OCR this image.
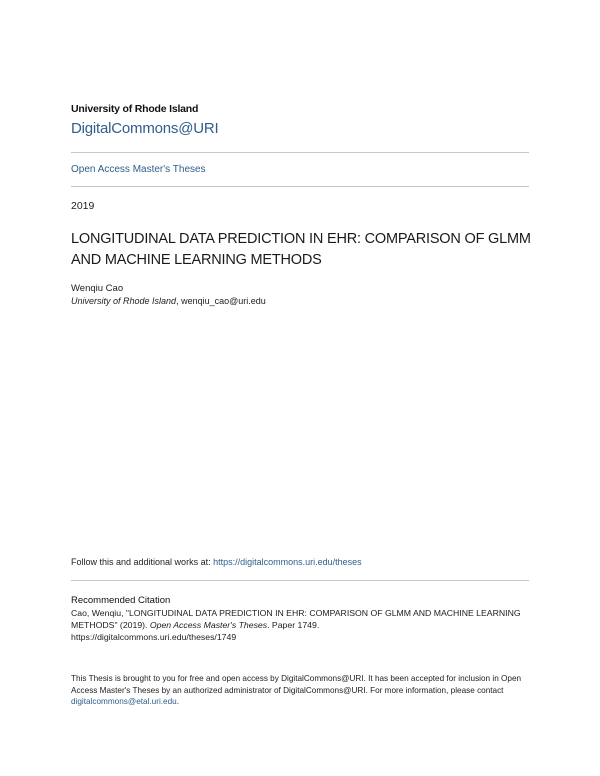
University of Rhode Island
DigitalCommons@URI
Open Access Master's Theses
2019
LONGITUDINAL DATA PREDICTION IN EHR: COMPARISON OF GLMM AND MACHINE LEARNING METHODS
Wenqiu Cao
University of Rhode Island, wenqiu_cao@uri.edu
Follow this and additional works at: https://digitalcommons.uri.edu/theses
Recommended Citation
Cao, Wenqiu, "LONGITUDINAL DATA PREDICTION IN EHR: COMPARISON OF GLMM AND MACHINE LEARNING METHODS" (2019). Open Access Master's Theses. Paper 1749.
https://digitalcommons.uri.edu/theses/1749
This Thesis is brought to you for free and open access by DigitalCommons@URI. It has been accepted for inclusion in Open Access Master's Theses by an authorized administrator of DigitalCommons@URI. For more information, please contact digitalcommons@etal.uri.edu.
